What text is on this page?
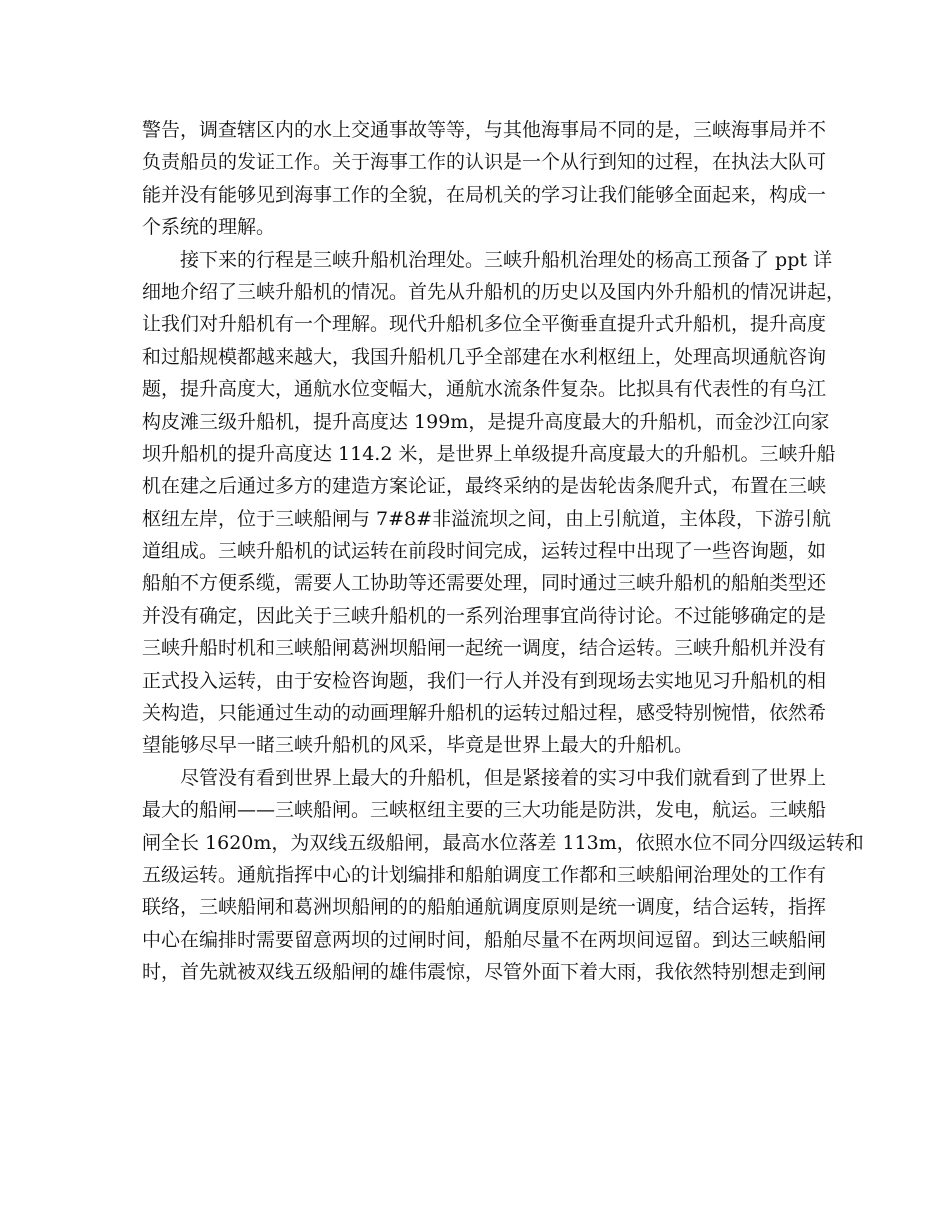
警告，调查辖区内的水上交通事故等等，与其他海事局不同的是，三峡海事局并不
负责船员的发证工作。关于海事工作的认识是一个从行到知的过程，在执法大队可
能并没有能够见到海事工作的全貌，在局机关的学习让我们能够全面起来，构成一
个系统的理解。
接下来的行程是三峡升船机治理处。三峡升船机治理处的杨高工预备了 ppt 详
细地介绍了三峡升船机的情况。首先从升船机的历史以及国内外升船机的情况讲起，
让我们对升船机有一个理解。现代升船机多位全平衡垂直提升式升船机，提升高度
和过船规模都越来越大，我国升船机几乎全部建在水利枢纽上，处理高坝通航咨询
题，提升高度大，通航水位变幅大，通航水流条件复杂。比拟具有代表性的有乌江
构皮滩三级升船机，提升高度达 199m，是提升高度最大的升船机，而金沙江向家
坝升船机的提升高度达 114.2 米，是世界上单级提升高度最大的升船机。三峡升船
机在建之后通过多方的建造方案论证，最终采纳的是齿轮齿条爬升式，布置在三峡
枢纽左岸，位于三峡船闸与 7#8#非溢流坝之间，由上引航道，主体段，下游引航
道组成。三峡升船机的试运转在前段时间完成，运转过程中出现了一些咨询题，如
船舶不方便系缆，需要人工协助等还需要处理，同时通过三峡升船机的船舶类型还
并没有确定，因此关于三峡升船机的一系列治理事宜尚待讨论。不过能够确定的是
三峡升船时机和三峡船闸葛洲坝船闸一起统一调度，结合运转。三峡升船机并没有
正式投入运转，由于安检咨询题，我们一行人并没有到现场去实地见习升船机的相
关构造，只能通过生动的动画理解升船机的运转过船过程，感受特别惋惜，依然希
望能够尽早一睹三峡升船机的风采，毕竟是世界上最大的升船机。
尽管没有看到世界上最大的升船机，但是紧接着的实习中我们就看到了世界上
最大的船闸——三峡船闸。三峡枢纽主要的三大功能是防洪，发电，航运。三峡船
闸全长 1620m，为双线五级船闸，最高水位落差 113m，依照水位不同分四级运转和
五级运转。通航指挥中心的计划编排和船舶调度工作都和三峡船闸治理处的工作有
联络，三峡船闸和葛洲坝船闸的的船舶通航调度原则是统一调度，结合运转，指挥
中心在编排时需要留意两坝的过闸时间，船舶尽量不在两坝间逗留。到达三峡船闸
时，首先就被双线五级船闸的雄伟震惊，尽管外面下着大雨，我依然特别想走到闸
